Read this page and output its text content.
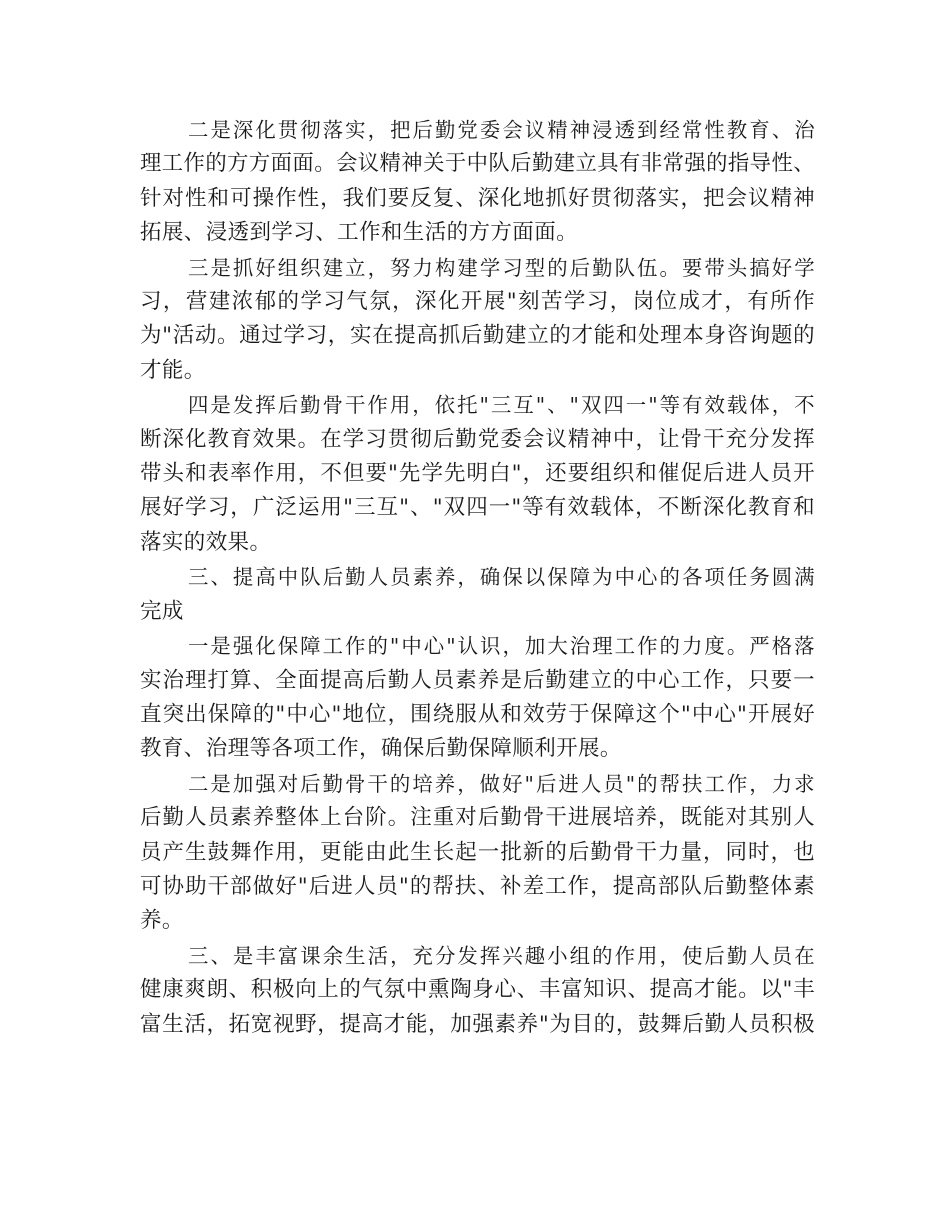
二是深化贯彻落实，把后勤党委会议精神浸透到经常性教育、治
理工作的方方面面。会议精神关于中队后勤建立具有非常强的指导性、
针对性和可操作性，我们要反复、深化地抓好贯彻落实，把会议精神
拓展、浸透到学习、工作和生活的方方面面。
三是抓好组织建立，努力构建学习型的后勤队伍。要带头搞好学
习，营建浓郁的学习气氛，深化开展"刻苦学习，岗位成才，有所作
为"活动。通过学习，实在提高抓后勤建立的才能和处理本身咨询题的
才能。
四是发挥后勤骨干作用，依托"三互"、"双四一"等有效载体，不
断深化教育效果。在学习贯彻后勤党委会议精神中，让骨干充分发挥
带头和表率作用，不但要"先学先明白"，还要组织和催促后进人员开
展好学习，广泛运用"三互"、"双四一"等有效载体，不断深化教育和
落实的效果。
三、提高中队后勤人员素养，确保以保障为中心的各项任务圆满
完成
一是强化保障工作的"中心"认识，加大治理工作的力度。严格落
实治理打算、全面提高后勤人员素养是后勤建立的中心工作，只要一
直突出保障的"中心"地位，围绕服从和效劳于保障这个"中心"开展好
教育、治理等各项工作，确保后勤保障顺利开展。
二是加强对后勤骨干的培养，做好"后进人员"的帮扶工作，力求
后勤人员素养整体上台阶。注重对后勤骨干进展培养，既能对其别人
员产生鼓舞作用，更能由此生长起一批新的后勤骨干力量，同时，也
可协助干部做好"后进人员"的帮扶、补差工作，提高部队后勤整体素
养。
三、是丰富课余生活，充分发挥兴趣小组的作用，使后勤人员在
健康爽朗、积极向上的气氛中熏陶身心、丰富知识、提高才能。以"丰
富生活，拓宽视野，提高才能，加强素养"为目的，鼓舞后勤人员积极
